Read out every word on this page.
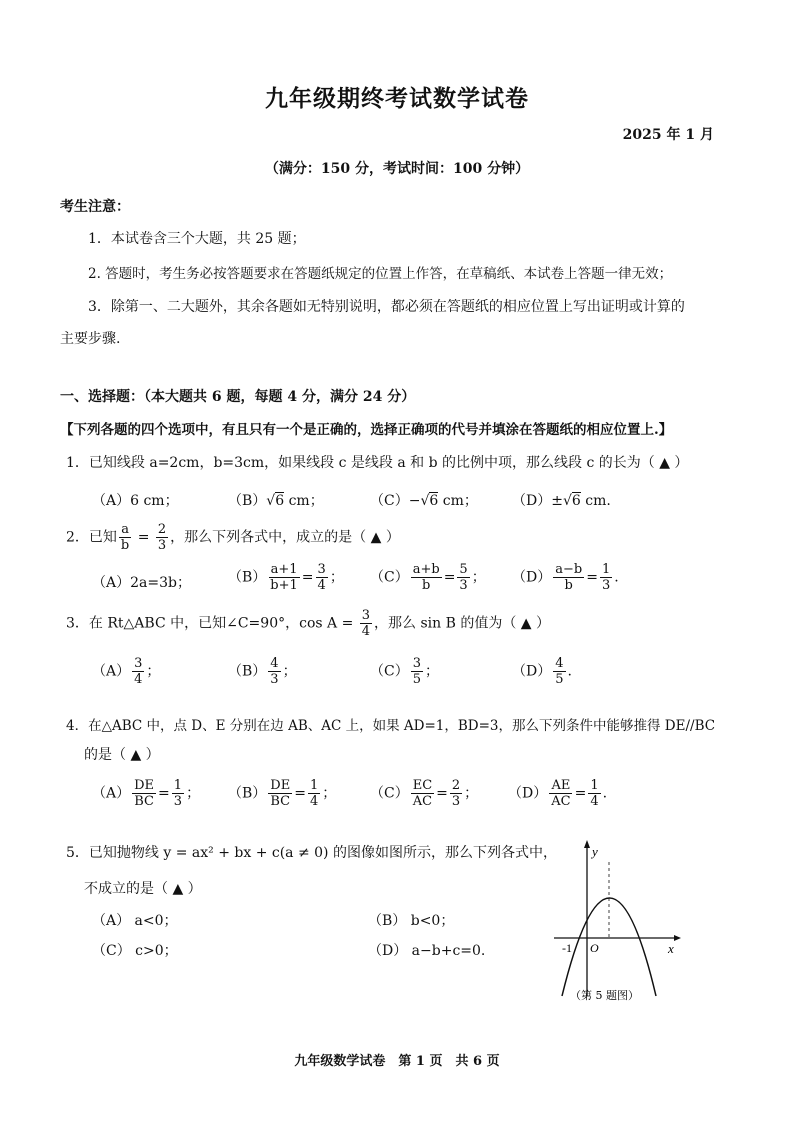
九年级期终考试数学试卷
2025 年 1 月
（满分：150 分，考试时间：100 分钟）
考生注意：
1．本试卷含三个大题，共 25 题；
2. 答题时，考生务必按答题要求在答题纸规定的位置上作答，在草稿纸、本试卷上答题一律无效；
3．除第一、二大题外，其余各题如无特别说明，都必须在答题纸的相应位置上写出证明或计算的
主要步骤.
一、选择题：（本大题共 6 题，每题 4 分，满分 24 分）
【下列各题的四个选项中，有且只有一个是正确的，选择正确项的代号并填涂在答题纸的相应位置上.】
1．已知线段 a=2cm，b=3cm，如果线段 c 是线段 a 和 b 的比例中项，那么线段 c 的长为（ ▲ ）
（A）6 cm；	（B）√6 cm；	（C）−√6 cm； （D）±√6 cm.
2．已知 $\frac{a}{b} = \frac{2}{3}$ ，那么下列各式中，成立的是（ ▲ ）
（A）2a=3b；	$(B) \frac{a+1}{b+1} = \frac{3}{4}$ ； $(C) \frac{a+b}{b} = \frac{5}{3}$ ； $(D) \frac{a-b}{b} = \frac{1}{3}$ .
3．在 Rt△ABC 中，已知∠C=90°，$\cos A = \frac{3}{4}$ ，那么 sin B 的值为（ ▲ ）
$(A) \frac{3}{4}$ ；	$(B) \frac{4}{3}$ ；	$(C) \frac{3}{5}$ ；	$(D) \frac{4}{5}$ .
4．在△ABC 中，点 D、E 分别在边 AB、AC 上，如果 AD=1，BD=3，那么下列条件中能够推得 DE//BC
的是（ ▲ ）
$(A) \frac{DE}{BC} = \frac{1}{3}$ ； $(B) \frac{DE}{BC} = \frac{1}{4}$ ； $(C) \frac{EC}{AC} = \frac{2}{3}$ ； $(D) \frac{AE}{AC} = \frac{1}{4}$ .
5．已知抛物线 y = ax² + bx + c(a ≠ 0) 的图像如图所示，那么下列各式中，
不成立的是（ ▲ ）
（A） a<0；	（B） b<0；
（C） c>0；	（D） a−b+c=0.
y
x
O
-1
（第 5 题图）
九年级数学试卷　第 1 页　共 6 页
